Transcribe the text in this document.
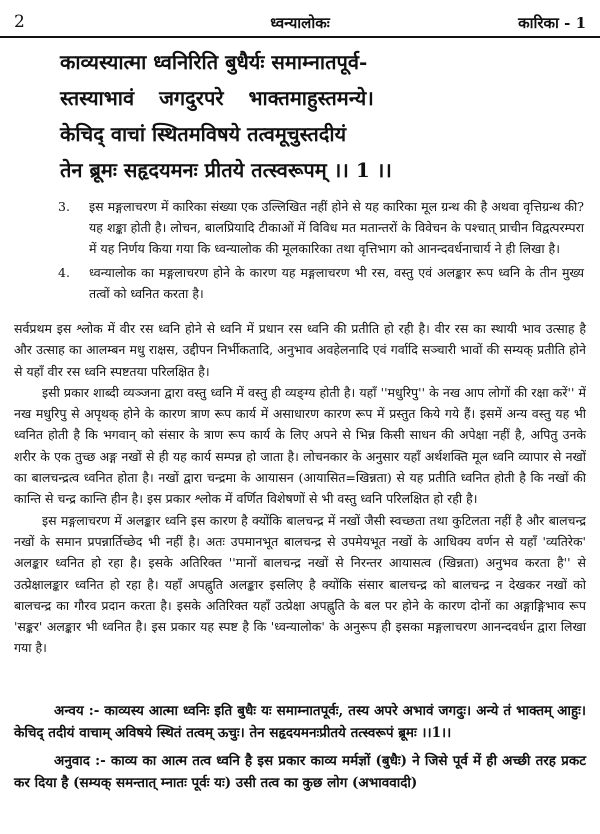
2	ध्वन्यालोकः	कारिका - 1
काव्यस्यात्मा ध्वनिरिति बुधैर्यः समाम्नातपूर्व-
स्तस्याभावं जगदुरपरे भाक्तमाहुस्तमन्ये।
केचिद् वाचां स्थितमविषये तत्वमूचुस्तदीयं
तेन ब्रूमः सहृदयमनः प्रीतये तत्स्वरूपम् ।। 1 ।।
3. इस मङ्गलाचरण में कारिका संख्या एक उल्लिखित नहीं होने से यह कारिका मूल ग्रन्थ की है अथवा वृत्तिग्रन्थ की? यह शङ्का होती है। लोचन, बालप्रियादि टीकाओं में विविध मत मतान्तरों के विवेचन के पश्चात् प्राचीन विद्वत्परम्परा में यह निर्णय किया गया कि ध्वन्यालोक की मूलकारिका तथा वृत्तिभाग को आनन्दवर्धनाचार्य ने ही लिखा है।
4. ध्वन्यालोक का मङ्गलाचरण होने के कारण यह मङ्गलाचरण भी रस, वस्तु एवं अलङ्कार रूप ध्वनि के तीन मुख्य तत्वों को ध्वनित करता है।

सर्वप्रथम इस श्लोक में वीर रस ध्वनि होने से ध्वनि में प्रधान रस ध्वनि की प्रतीति हो रही है। वीर रस का स्थायी भाव उत्साह है और उत्साह का आलम्बन मधु राक्षस, उद्दीपन निर्भीकतादि, अनुभाव अवहेलनादि एवं गर्वादि सञ्चारी भावों की सम्यक् प्रतीति होने से यहाँ वीर रस ध्वनि स्पष्टतया परिलक्षित है।

इसी प्रकार शाब्दी व्यञ्जना द्वारा वस्तु ध्वनि में वस्तु ही व्यङ्ग्य होती है। यहाँ ''मधुरिपु'' के नख आप लोगों की रक्षा करें'' में नख मधुरिपु से अपृथक् होने के कारण त्राण रूप कार्य में असाधारण कारण रूप में प्रस्तुत किये गये हैं। इसमें अन्य वस्तु यह भी ध्वनित होती है कि भगवान् को संसार के त्राण रूप कार्य के लिए अपने से भिन्न किसी साधन की अपेक्षा नहीं है, अपितु उनके शरीर के एक तुच्छ अङ्ग नखों से ही यह कार्य सम्पन्न हो जाता है। लोचनकार के अनुसार यहाँ अर्थशक्ति मूल ध्वनि व्यापार से नखों का बालचन्द्रत्व ध्वनित होता है। नखों द्वारा चन्द्रमा के आयासन (आयासित=खिन्नता) से यह प्रतीति ध्वनित होती है कि नखों की कान्ति से चन्द्र कान्ति हीन है। इस प्रकार श्लोक में वर्णित विशेषणों से भी वस्तु ध्वनि परिलक्षित हो रही है।

इस मङ्गलाचरण में अलङ्कार ध्वनि इस कारण है क्योंकि बालचन्द्र में नखों जैसी स्वच्छता तथा कुटिलता नहीं है और बालचन्द्र नखों के समान प्रपन्नार्तिच्छेद भी नहीं है। अतः उपमानभूत बालचन्द्र से उपमेयभूत नखों के आधिक्य वर्णन से यहाँ 'व्यतिरेक' अलङ्कार ध्वनित हो रहा है। इसके अतिरिक्त ''मानों बालचन्द्र नखों से निरन्तर आयासत्व (खिन्नता) अनुभव करता है'' से उत्प्रेक्षालङ्कार ध्वनित हो रहा है। यहाँ अपह्नुति अलङ्कार इसलिए है क्योंकि संसार बालचन्द्र को बालचन्द्र न देखकर नखों को बालचन्द्र का गौरव प्रदान करता है। इसके अतिरिक्त यहाँ उत्प्रेक्षा अपह्नुति के बल पर होने के कारण दोनों का अङ्गाङ्गिभाव रूप 'सङ्कर' अलङ्कार भी ध्वनित है। इस प्रकार यह स्पष्ट है कि 'ध्वन्यालोक' के अनुरूप ही इसका मङ्गलाचरण आनन्दवर्धन द्वारा लिखा गया है।

अन्वय :- काव्यस्य आत्मा ध्वनिः इति बुधैः यः समाम्नातपूर्वः, तस्य अपरे अभावं जगदुः। अन्ये तं भाक्तम् आहुः। केचिद् तदीयं वाचाम् अविषये स्थितं तत्वम् ऊचुः। तेन सहृदयमनःप्रीतये तत्स्वरूपं ब्रूमः ।।1।।

अनुवाद :- काव्य का आत्म तत्व ध्वनि है इस प्रकार काव्य मर्मज्ञों (बुधैः) ने जिसे पूर्व में ही अच्छी तरह प्रकट कर दिया है (सम्यक् समन्तात् म्नातः पूर्वः यः) उसी तत्व का कुछ लोग (अभाववादी)
